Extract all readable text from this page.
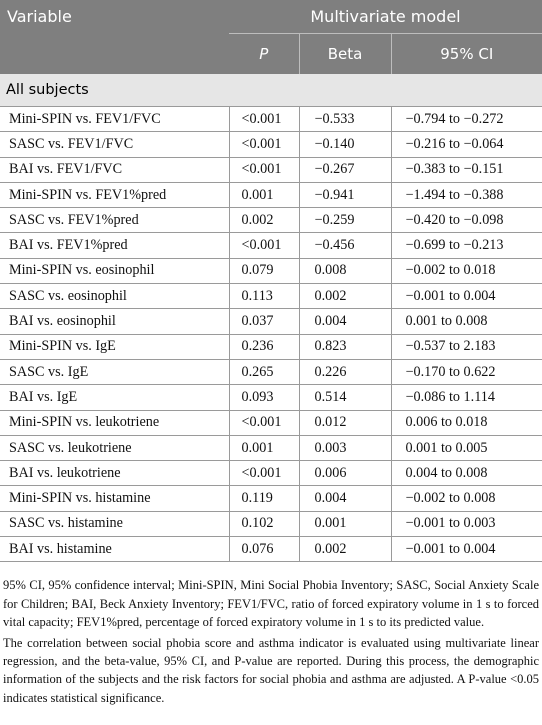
Variable	Multivariate model		
	P	Beta	95% CI
All subjects			
Mini-SPIN vs. FEV1/FVC	<0.001	−0.533	−0.794 to −0.272
SASC vs. FEV1/FVC	<0.001	−0.140	−0.216 to −0.064
BAI vs. FEV1/FVC	<0.001	−0.267	−0.383 to −0.151
Mini-SPIN vs. FEV1%pred	0.001	−0.941	−1.494 to −0.388
SASC vs. FEV1%pred	0.002	−0.259	−0.420 to −0.098
BAI vs. FEV1%pred	<0.001	−0.456	−0.699 to −0.213
Mini-SPIN vs. eosinophil	0.079	0.008	−0.002 to 0.018
SASC vs. eosinophil	0.113	0.002	−0.001 to 0.004
BAI vs. eosinophil	0.037	0.004	0.001 to 0.008
Mini-SPIN vs. IgE	0.236	0.823	−0.537 to 2.183
SASC vs. IgE	0.265	0.226	−0.170 to 0.622
BAI vs. IgE	0.093	0.514	−0.086 to 1.114
Mini-SPIN vs. leukotriene	<0.001	0.012	0.006 to 0.018
SASC vs. leukotriene	0.001	0.003	0.001 to 0.005
BAI vs. leukotriene	<0.001	0.006	0.004 to 0.008
Mini-SPIN vs. histamine	0.119	0.004	−0.002 to 0.008
SASC vs. histamine	0.102	0.001	−0.001 to 0.003
BAI vs. histamine	0.076	0.002	−0.001 to 0.004

95% CI, 95% confidence interval; Mini-SPIN, Mini Social Phobia Inventory; SASC, Social Anxiety Scale for Children; BAI, Beck Anxiety Inventory; FEV1/FVC, ratio of forced expiratory volume in 1 s to forced vital capacity; FEV1%pred, percentage of forced expiratory volume in 1 s to its predicted value.

The correlation between social phobia score and asthma indicator is evaluated using multivariate linear regression, and the beta-value, 95% CI, and P-value are reported. During this process, the demographic information of the subjects and the risk factors for social phobia and asthma are adjusted. A P-value <0.05 indicates statistical significance.
